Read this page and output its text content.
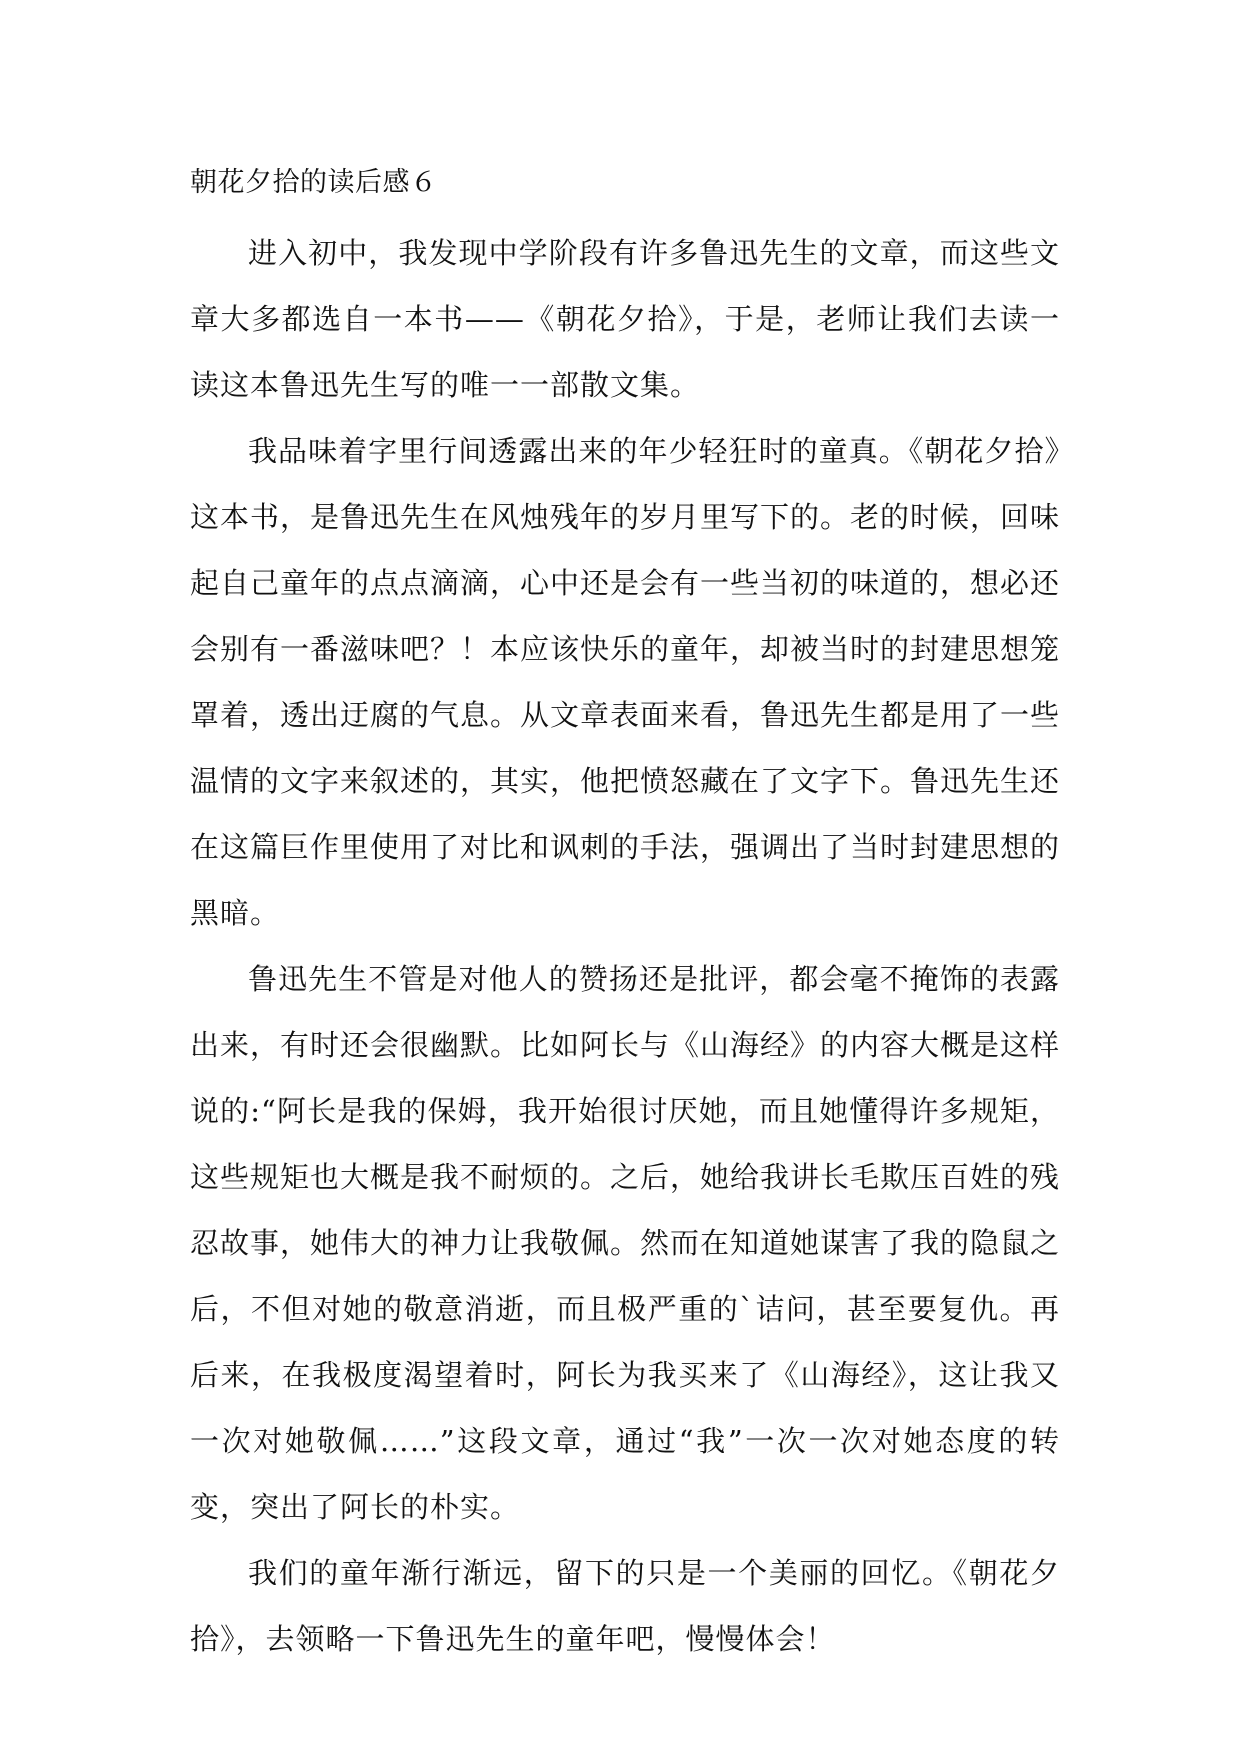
朝花夕拾的读后感６

进入初中，我发现中学阶段有许多鲁迅先生的文章，而这些文章大多都选自一本书——《朝花夕拾》，于是，老师让我们去读一读这本鲁迅先生写的唯一一部散文集。

我品味着字里行间透露出来的年少轻狂时的童真。《朝花夕拾》这本书，是鲁迅先生在风烛残年的岁月里写下的。老的时候，回味起自己童年的点点滴滴，心中还是会有一些当初的味道的，想必还会别有一番滋味吧？！本应该快乐的童年，却被当时的封建思想笼罩着，透出迂腐的气息。从文章表面来看，鲁迅先生都是用了一些温情的文字来叙述的，其实，他把愤怒藏在了文字下。鲁迅先生还在这篇巨作里使用了对比和讽刺的手法，强调出了当时封建思想的黑暗。

鲁迅先生不管是对他人的赞扬还是批评，都会毫不掩饰的表露出来，有时还会很幽默。比如阿长与《山海经》的内容大概是这样说的:“阿长是我的保姆，我开始很讨厌她，而且她懂得许多规矩，这些规矩也大概是我不耐烦的。之后，她给我讲长毛欺压百姓的残忍故事，她伟大的神力让我敬佩。然而在知道她谋害了我的隐鼠之后，不但对她的敬意消逝，而且极严重的`诘问，甚至要复仇。再后来，在我极度渴望着时，阿长为我买来了《山海经》，这让我又一次对她敬佩……”这段文章，通过“我”一次一次对她态度的转变，突出了阿长的朴实。

我们的童年渐行渐远，留下的只是一个美丽的回忆。《朝花夕拾》，去领略一下鲁迅先生的童年吧，慢慢体会！
